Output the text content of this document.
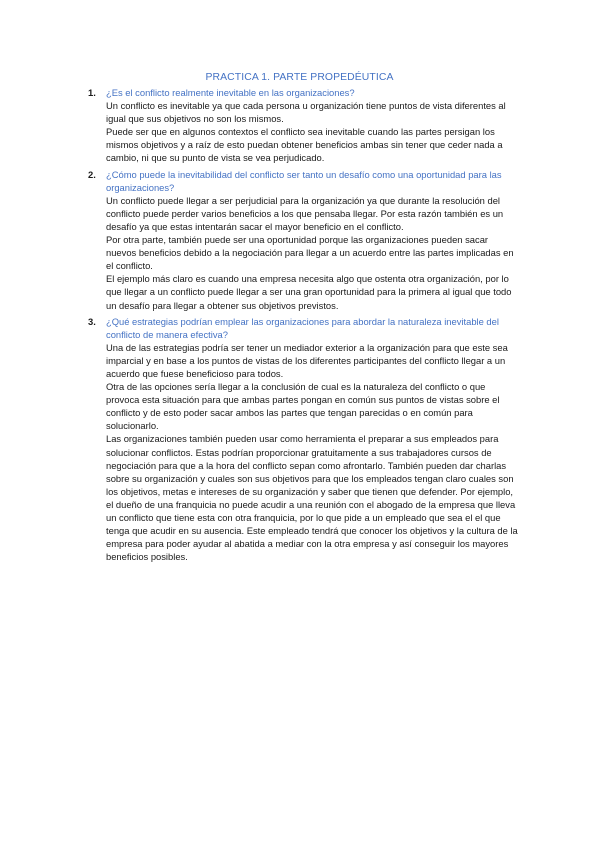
PRACTICA 1. PARTE PROPEDÉUTICA
1.	¿Es el conflicto realmente inevitable en las organizaciones?

Un conflicto es inevitable ya que cada persona u organización tiene puntos de vista diferentes al igual que sus objetivos no son los mismos.

Puede ser que en algunos contextos el conflicto sea inevitable cuando las partes persigan los mismos objetivos y a raíz de esto puedan obtener beneficios ambas sin tener que ceder nada a cambio, ni que su punto de vista se vea perjudicado.

2.	¿Cómo puede la inevitabilidad del conflicto ser tanto un desafío como una oportunidad para las organizaciones?

Un conflicto puede llegar a ser perjudicial para la organización ya que durante la resolución del conflicto puede perder varios beneficios a los que pensaba llegar. Por esta razón también es un desafío ya que estas intentarán sacar el mayor beneficio en el conflicto.

Por otra parte, también puede ser una oportunidad porque las organizaciones pueden sacar nuevos beneficios debido a la negociación para llegar a un acuerdo entre las partes implicadas en el conflicto.

El ejemplo más claro es cuando una empresa necesita algo que ostenta otra organización, por lo que llegar a un conflicto puede llegar a ser una gran oportunidad para la primera al igual que todo un desafío para llegar a obtener sus objetivos previstos.

3.	¿Qué estrategias podrían emplear las organizaciones para abordar la naturaleza inevitable del conflicto de manera efectiva?

Una de las estrategias podría ser tener un mediador exterior a la organización para que este sea imparcial y en base a los puntos de vistas de los diferentes participantes del conflicto llegar a un acuerdo que fuese beneficioso para todos.

Otra de las opciones sería llegar a la conclusión de cual es la naturaleza del conflicto o que provoca esta situación para que ambas partes pongan en común sus puntos de vistas sobre el conflicto y de esto poder sacar ambos las partes que tengan parecidas o en común para solucionarlo.

Las organizaciones también pueden usar como herramienta el preparar a sus empleados para solucionar conflictos. Estas podrían proporcionar gratuitamente a sus trabajadores cursos de negociación para que a la hora del conflicto sepan como afrontarlo. También pueden dar charlas sobre su organización y cuales son sus objetivos para que los empleados tengan claro cuales son los objetivos, metas e intereses de su organización y saber que tienen que defender. Por ejemplo, el dueño de una franquicia no puede acudir a una reunión con el abogado de la empresa que lleva un conflicto que tiene esta con otra franquicia, por lo que pide a un empleado que sea el el que tenga que acudir en su ausencia. Este empleado tendrá que conocer los objetivos y la cultura de la empresa para poder ayudar al abatida a mediar con la otra empresa y así conseguir los mayores beneficios posibles.
